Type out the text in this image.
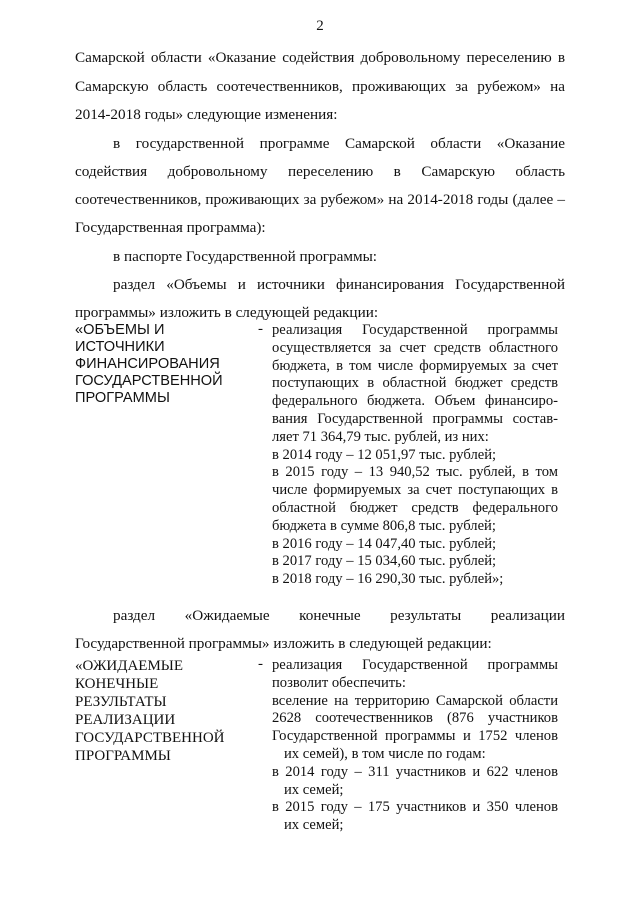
2
Самарской области «Оказание содействия добровольному переселению в
Самарскую область соотечественников, проживающих за рубежом» на
2014-2018 годы» следующие изменения:
в государственной программе Самарской области «Оказание
содействия добровольному переселению в Самарскую область
соотечественников, проживающих за рубежом» на 2014-2018 годы (далее –
Государственная программа):
в паспорте Государственной программы:
раздел «Объемы и источники финансирования Государственной
программы» изложить в следующей редакции:
«ОБЪЕМЫ И
ИСТОЧНИКИ
ФИНАНСИРОВАНИЯ
ГОСУДАРСТВЕННОЙ
ПРОГРАММЫ
- реализация Государственной программы
осуществляется за счет средств областного
бюджета, в том числе формируемых за счет
поступающих в областной бюджет средств
федерального бюджета. Объем финансиро-
вания Государственной программы состав-
ляет 71 364,79 тыс. рублей, из них:
в 2014 году – 12 051,97 тыс. рублей;
в 2015 году – 13 940,52 тыс. рублей, в том
числе формируемых за счет поступающих в
областной бюджет средств федерального
бюджета в сумме 806,8 тыс. рублей;
в 2016 году – 14 047,40 тыс. рублей;
в 2017 году – 15 034,60 тыс. рублей;
в 2018 году – 16 290,30 тыс. рублей»;
раздел «Ожидаемые конечные результаты реализации
Государственной программы» изложить в следующей редакции:
«ОЖИДАЕМЫЕ
КОНЕЧНЫЕ
РЕЗУЛЬТАТЫ
РЕАЛИЗАЦИИ
ГОСУДАРСТВЕННОЙ
ПРОГРАММЫ
- реализация Государственной программы
позволит обеспечить:
вселение на территорию Самарской области
2628 соотечественников (876 участников
Государственной программы и 1752 членов
их семей), в том числе по годам:
в 2014 году – 311 участников и 622 членов
их семей;
в 2015 году – 175 участников и 350 членов
их семей;
